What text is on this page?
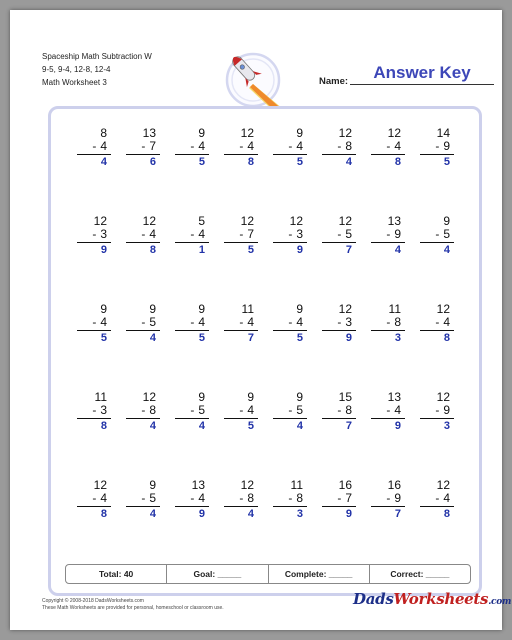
Spaceship Math Subtraction W
9-5, 9-4, 12-8, 12-4
Math Worksheet 3	Name:	Answer Key
8
- 4
4
13
- 7
6
9
- 4
5
12
- 4
8
9
- 4
5
12
- 8
4
12
- 4
8
14
- 9
5
12
- 3
9
12
- 4
8
5
- 4
1
12
- 7
5
12
- 3
9
12
- 5
7
13
- 9
4
9
- 5
4
9
- 4
5
9
- 5
4
9
- 4
5
11
- 4
7
9
- 4
5
12
- 3
9
11
- 8
3
12
- 4
8
11
- 3
8
12
- 8
4
9
- 5
4
9
- 4
5
9
- 5
4
15
- 8
7
13
- 4
9
12
- 9
3
12
- 4
8
9
- 5
4
13
- 4
9
12
- 8
4
11
- 8
3
16
- 7
9
16
- 9
7
12
- 4
8
Total: 40	Goal: _____	Complete: _____	Correct: _____
Copyright © 2008-2018 DadsWorksheets.com
These Math Worksheets are provided for personal, homeschool or classroom use.	DadsWorksheets.com
